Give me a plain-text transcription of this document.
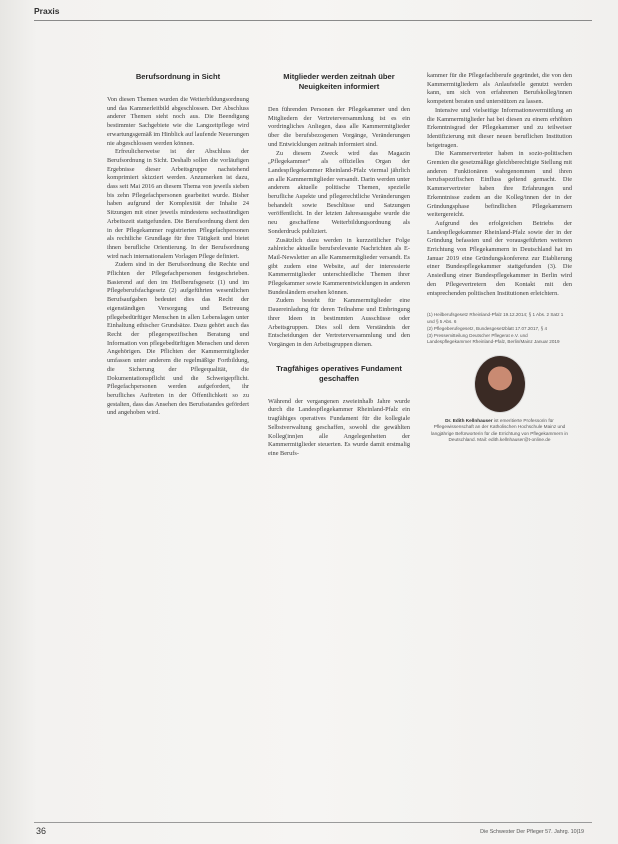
Praxis
Berufsordnung in Sicht

Von diesen Themen wurden die Weiterbildungsordnung und das Kammerleitbild abgeschlossen. Der Abschluss anderer Themen steht noch aus. Die Beendigung bestimmter Sachgebiete wie die Langzeitpflege wird erwartungsgemäß im Hinblick auf laufende Neuerungen nie abgeschlossen werden können.

Erfreulicherweise ist der Abschluss der Berufsordnung in Sicht. Deshalb sollen die vorläufigen Ergebnisse dieser Arbeitsgruppe nachstehend komprimiert skizziert werden. Anzumerken ist dazu, dass seit Mai 2016 an diesem Thema von jeweils sieben bis zehn Pflegefachpersonen gearbeitet wurde. Bisher haben aufgrund der Komplexität der Inhalte 24 Sitzungen mit einer jeweils mindestens sechsstündigen Arbeitszeit stattgefunden. Die Berufsordnung dient den in der Pflegekammer registrierten Pflegefachpersonen als rechtliche Grundlage für ihre Tätigkeit und bietet ihnen berufliche Orientierung. In der Berufsordnung wird nach internationalem Vorlagen Pflege definiert.

Zudem sind in der Berufsordnung die Rechte und Pflichten der Pflegefachpersonen festgeschrieben. Basierend auf den im Heilberufsgesetz (1) und im Pflegeberufsfachgesetz (2) aufgeführten wesentlichen Berufsaufgaben bedeutet dies das Recht der eigenständigen Versorgung und Betreuung pflegebedürftiger Menschen in allen Lebenslagen unter Einhaltung ethischer Grundsätze. Dazu gehört auch das Recht der pflegerspezifischen Beratung und Information von pflegebedürftigen Menschen und deren Angehörigen. Die Pflichten der Kammermitglieder umfassen unter anderem die regelmäßige Fortbildung, die Sicherung der Pflegequalität, die Dokumentationspflicht und die Schweigepflicht. Pflegefachpersonen werden aufgefordert, ihr berufliches Auftreten in der Öffentlichkeit so zu gestalten, dass das Ansehen des Berufsstandes gefördert und angehoben wird.

Mitglieder werden zeitnah über Neuigkeiten informiert

Den führenden Personen der Pflegekammer und den Mitgliedern der Vertreterversammlung ist es ein vordringliches Anliegen, dass alle Kammermitglieder über die berufsbezogenen Vorgänge, Veränderungen und Entwicklungen zeitnah informiert sind.

Zu diesem Zweck wird das Magazin „Pflegekammer“ als offizielles Organ der Landespflegekammer Rheinland-Pfalz viermal jährlich an alle Kammermitglieder versandt. Darin werden unter anderem aktuelle politische Themen, spezielle berufliche Aspekte und pflegerechtliche Veränderungen behandelt sowie Beschlüsse und Satzungen veröffentlicht. In der letzten Jahresausgabe wurde die neu geschaffene Weiterbildungsordnung als Sonderdruck publiziert.

Zusätzlich dazu werden in kurzzeitlicher Folge zahlreiche aktuelle berufsrelevante Nachrichten als E-Mail-Newsletter an alle Kammermitglieder versandt. Es gibt zudem eine Website, auf der interessierte Kammermitglieder unterschiedliche Themen ihrer Pflegekammer sowie Kammerentwicklungen in anderen Bundesländern ersehen können.

Zudem besteht für Kammermitglieder eine Dauereinladung für deren Teilnahme und Einbringung ihrer Ideen in bestimmten Ausschüsse oder Arbeitsgruppen. Dies soll dem Verständnis der Entscheidungen der Vertreterversammlung und den Vorgängen in den Arbeitsgruppen dienen.

Tragfähiges operatives Fundament geschaffen

Während der vergangenen zweieinhalb Jahre wurde durch die Landespflegekammer Rheinland-Pfalz ein tragfähiges operatives Fundament für die kollegiale Selbstverwaltung geschaffen, sowohl die gewählten Kolleg(inn)en alle Angelegenheiten der Kammermitglieder steuerten. Es wurde damit erstmalig eine Berufs-

kammer für die Pflegefachberufe gegründet, die von den Kammermitgliedern als Anlaufstelle genutzt werden kann, um sich von erfahrenen Berufskolleg/innen kompetent beraten und unterstützen zu lassen.

Intensive und vielseitige Informationsvermittlung an die Kammermitglieder hat bei diesen zu einem erhöhten Erkenntnisgrad der Pflegekammer und zu teilweiser Identifizierung mit dieser neuen beruflichen Institution beigetragen.

Die Kammervertreter haben in sozio-politischen Gremien die gesetzmäßige gleichberechtigte Stellung mit anderen Funktionären wahrgenommen und ihren berufsspezifischen Einfluss geltend gemacht. Die Kammervertreter haben ihre Erfahrungen und Erkenntnisse zudem an die Kolleg/innen der in der Gründungsphase befindlichen Pflegekammern weitergereicht.

Aufgrund des erfolgreichen Betriebs der Landespflegekammer Rheinland-Pfalz sowie der in der Gründung befassten und der vorausgeführten weiteren Errichtung von Pflegekammern in Deutschland hat im Januar 2019 eine Gründungskonferenz zur Etablierung einer Bundespflegekammer stattgefunden (3). Die Ansiedlung einer Bundespflegekammer in Berlin wird den Pflegevertretern den Kontakt mit den entsprechenden politischen Institutionen erleichtern.

(1) Heilberufsgesetz Rheinland-Pfalz 19.12.2014; § 1 Abs. 2 Satz 1 und § 5 Abs. 6

(2) Pflegeberufegesetz, Bundesgesetzblatt 17.07.2017, § 4

(3) Pressemitteilung Deutscher Pflegerat e.V. und Landespflegekammer Rheinland-Pfalz, Berlin/Mainz Januar 2019

Dr. Edith Kellnhauser ist emeritierte Professorin für Pflegewissenschaft an der Katholischen Hochschule Mainz und langjährige Befürworterin für die Errichtung von Pflegekammern in Deutschland. Mail: edith.kellnhauser@t-online.de
36	Die Schwester Der Pfleger 57. Jahrg. 10|19
